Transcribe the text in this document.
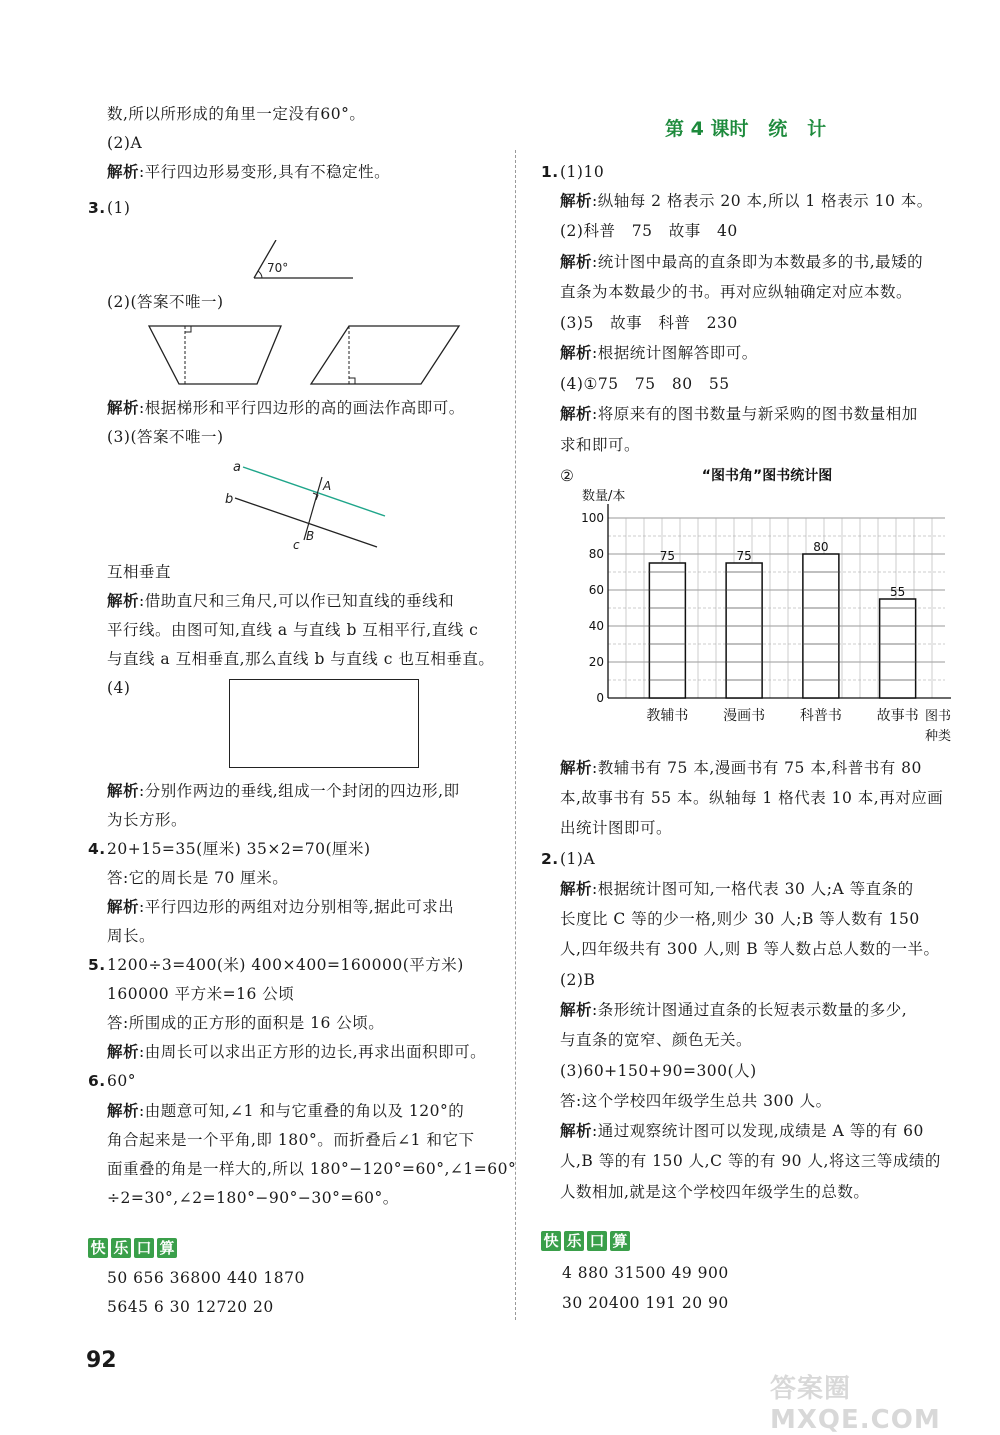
数,所以所形成的角里一定没有60°。
(2)A
解析:平行四边形易变形,具有不稳定性。
3. (1)
70°
(2)(答案不唯一)
解析:根据梯形和平行四边形的高的画法作高即可。
(3)(答案不唯一)
a
b
A
B
c
互相垂直
解析:借助直尺和三角尺,可以作已知直线的垂线和
平行线。由图可知,直线 a 与直线 b 互相平行,直线 c
与直线 a 互相垂直,那么直线 b 与直线 c 也互相垂直。
(4)
解析:分别作两边的垂线,组成一个封闭的四边形,即
为长方形。
4. 20+15=35(厘米) 35×2=70(厘米)
答:它的周长是 70 厘米。
解析:平行四边形的两组对边分别相等,据此可求出
周长。
5. 1200÷3=400(米) 400×400=160000(平方米)
160000 平方米=16 公顷
答:所围成的正方形的面积是 16 公顷。
解析:由周长可以求出正方形的边长,再求出面积即可。
6. 60°
解析:由题意可知,∠1 和与它重叠的角以及 120°的
角合起来是一个平角,即 180°。而折叠后∠1 和它下
面重叠的角是一样大的,所以 180°−120°=60°,∠1=60°
÷2=30°,∠2=180°−90°−30°=60°。
快 乐 口 算
50 656 36800 440 1870
5645 6 30 12720 20
92
第 4 课时   统   计
1. (1)10
解析:纵轴每 2 格表示 20 本,所以 1 格表示 10 本。
(2)科普   75   故事   40
解析:统计图中最高的直条即为本数最多的书,最矮的
直条为本数最少的书。再对应纵轴确定对应本数。
(3)5   故事   科普   230
解析:根据统计图解答即可。
(4)①75   75   80   55
解析:将原来有的图书数量与新采购的图书数量相加
求和即可。
②	“图书角”图书统计图
数量/本
75	75
80
55
0
20
40
60
80
100
教辅书 漫画书 科普书 故事书 图书
种类
解析:教辅书有 75 本,漫画书有 75 本,科普书有 80
本,故事书有 55 本。纵轴每 1 格代表 10 本,再对应画
出统计图即可。
2. (1)A
解析:根据统计图可知,一格代表 30 人;A 等直条的
长度比 C 等的少一格,则少 30 人;B 等人数有 150
人,四年级共有 300 人,则 B 等人数占总人数的一半。
(2)B
解析:条形统计图通过直条的长短表示数量的多少,
与直条的宽窄、颜色无关。
(3)60+150+90=300(人)
答:这个学校四年级学生总共 300 人。
解析:通过观察统计图可以发现,成绩是 A 等的有 60
人,B 等的有 150 人,C 等的有 90 人,将这三等成绩的
人数相加,就是这个学校四年级学生的总数。
快 乐 口 算
4 880 31500 49 900
30 20400 191 20 90
答案圈 MXQE.COM
